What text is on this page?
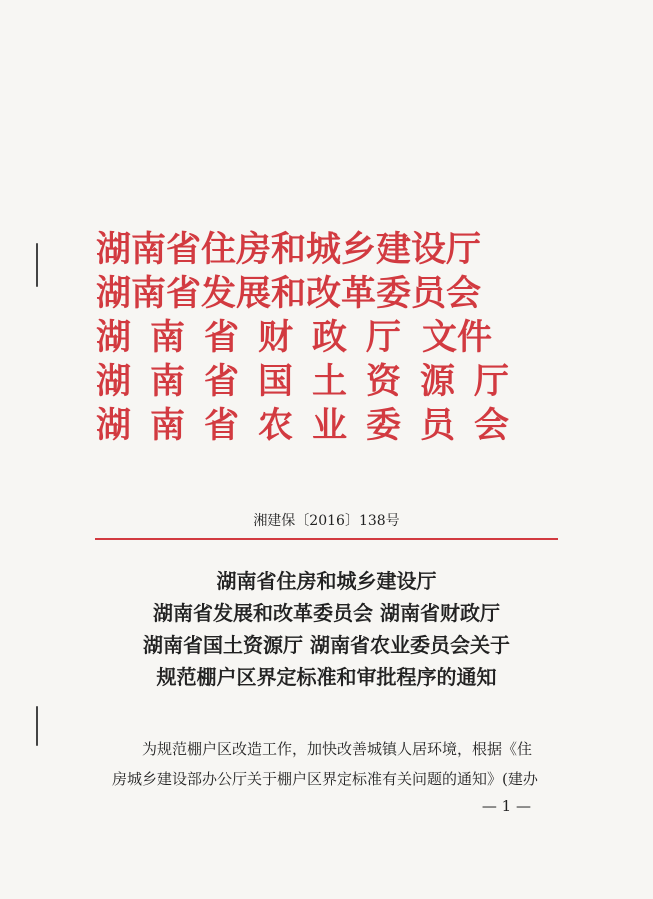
湖南省住房和城乡建设厅
湖南省发展和改革委员会
湖南省财政厅 文件
湖南省国土资源厅
湖南省农业委员会
湘建保〔2016〕138号
湖南省住房和城乡建设厅
湖南省发展和改革委员会 湖南省财政厅
湖南省国土资源厅 湖南省农业委员会关于
规范棚户区界定标准和审批程序的通知
为规范棚户区改造工作，加快改善城镇人居环境，根据《住
房城乡建设部办公厅关于棚户区界定标准有关问题的通知》(建办
— 1 —
